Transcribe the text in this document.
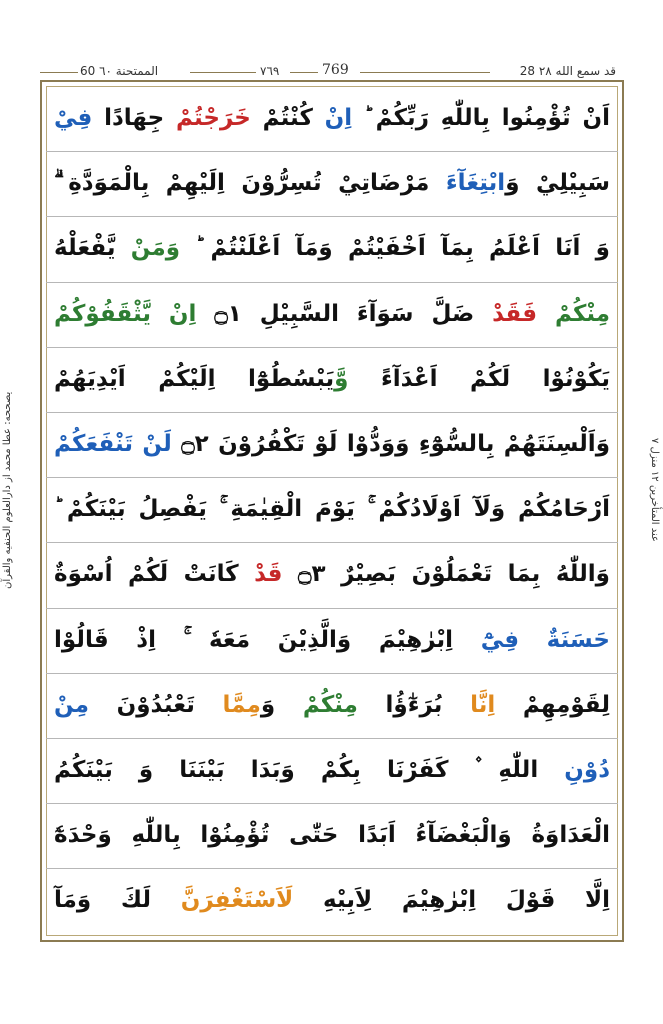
60 الممتحنة ٦٠	٧٦٩	769	28 قد سمع الله ٢٨
يصححه: عطا محمد از دارالعلوم الحنفيه والقرآن	عند المتأخرين ١٢ منزل ٧
اَنْ تُؤْمِنُوا بِاللّٰهِ رَبِّكُمْ ؕ اِنْ كُنْتُمْ خَرَجْتُمْ جِهَادًا فِيْ
سَبِيْلِيْ وَابْتِغَآءَ مَرْضَاتِيْ تُسِرُّوْنَ اِلَيْهِمْ بِالْمَوَدَّةِ ۗ
وَ اَنَا اَعْلَمُ بِمَآ اَخْفَيْتُمْ وَمَآ اَعْلَنْتُمْ ؕ وَمَنْ يَّفْعَلْهُ
مِنْكُمْ فَقَدْ ضَلَّ سَوَآءَ السَّبِيْلِ ۝١ اِنْ يَّثْقَفُوْكُمْ
يَكُوْنُوْا لَكُمْ اَعْدَآءً وَّيَبْسُطُوْٓا اِلَيْكُمْ اَيْدِيَهُمْ
وَاَلْسِنَتَهُمْ بِالسُّوْٓءِ وَوَدُّوْا لَوْ تَكْفُرُوْنَ ۝٢ لَنْ تَنْفَعَكُمْ
اَرْحَامُكُمْ وَلَآ اَوْلَادُكُمْ ۚ يَوْمَ الْقِيٰمَةِ ۚ يَفْصِلُ بَيْنَكُمْ ؕ
وَاللّٰهُ بِمَا تَعْمَلُوْنَ بَصِيْرٌ ۝٣ قَدْ كَانَتْ لَكُمْ اُسْوَةٌ
حَسَنَةٌ فِيْٓ اِبْرٰهِيْمَ وَالَّذِيْنَ مَعَهٗ ۚ اِذْ قَالُوْا
لِقَوْمِهِمْ اِنَّا بُرَءٰٓؤُا مِنْكُمْ وَمِمَّا تَعْبُدُوْنَ مِنْ
دُوْنِ اللّٰهِ ۫ كَفَرْنَا بِكُمْ وَبَدَا بَيْنَنَا وَ بَيْنَكُمُ
الْعَدَاوَةُ وَالْبَغْضَآءُ اَبَدًا حَتّٰى تُؤْمِنُوْا بِاللّٰهِ وَحْدَهٗٓ
اِلَّا قَوْلَ اِبْرٰهِيْمَ لِاَبِيْهِ لَاَسْتَغْفِرَنَّ لَكَ وَمَآ
